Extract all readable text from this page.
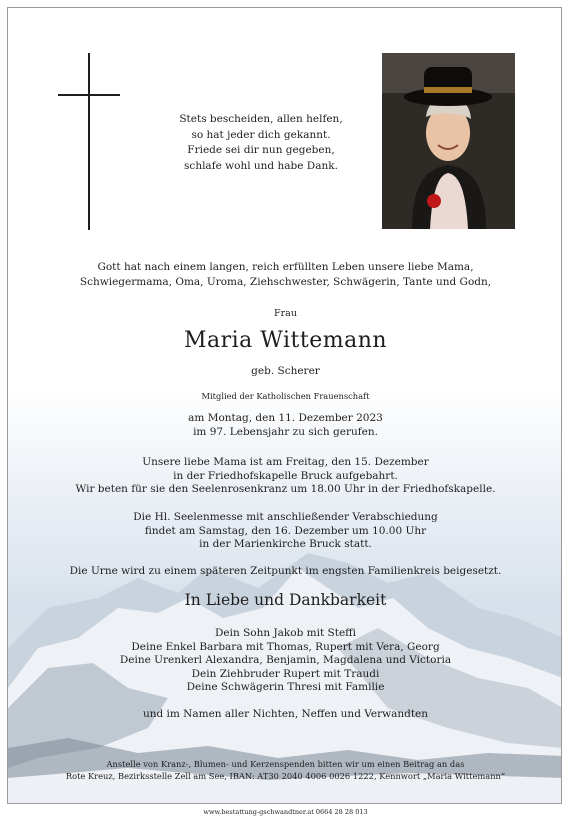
Stets bescheiden, allen helfen,
so hat jeder dich gekannt.
Friede sei dir nun gegeben,
schlafe wohl und habe Dank.
Gott hat nach einem langen, reich erfüllten Leben unsere liebe Mama,
Schwiegermama, Oma, Uroma, Ziehschwester, Schwägerin, Tante und Godn,
Frau
Maria Wittemann
geb. Scherer
Mitglied der Katholischen Frauenschaft
am Montag, den 11. Dezember 2023
im 97. Lebensjahr zu sich gerufen.
Unsere liebe Mama ist am Freitag, den 15. Dezember
in der Friedhofskapelle Bruck aufgebahrt.
Wir beten für sie den Seelenrosenkranz um 18.00 Uhr in der Friedhofskapelle.
Die Hl. Seelenmesse mit anschließender Verabschiedung
findet am Samstag, den 16. Dezember um 10.00 Uhr
in der Marienkirche Bruck statt.
Die Urne wird zu einem späteren Zeitpunkt im engsten Familienkreis beigesetzt.
In Liebe und Dankbarkeit
Dein Sohn Jakob mit Steffi
Deine Enkel Barbara mit Thomas, Rupert mit Vera, Georg
Deine Urenkerl Alexandra, Benjamin, Magdalena und Victoria
Dein Ziehbruder Rupert mit Traudi
Deine Schwägerin Thresi mit Familie
und im Namen aller Nichten, Neffen und Verwandten
Anstelle von Kranz-, Blumen- und Kerzenspenden bitten wir um einen Beitrag an das
Rote Kreuz, Bezirksstelle Zell am See, IBAN: AT30 2040 4006 0026 1222, Kennwort „Maria Wittemann“
www.bestattung-gschwandtner.at 0664 28 28 013
